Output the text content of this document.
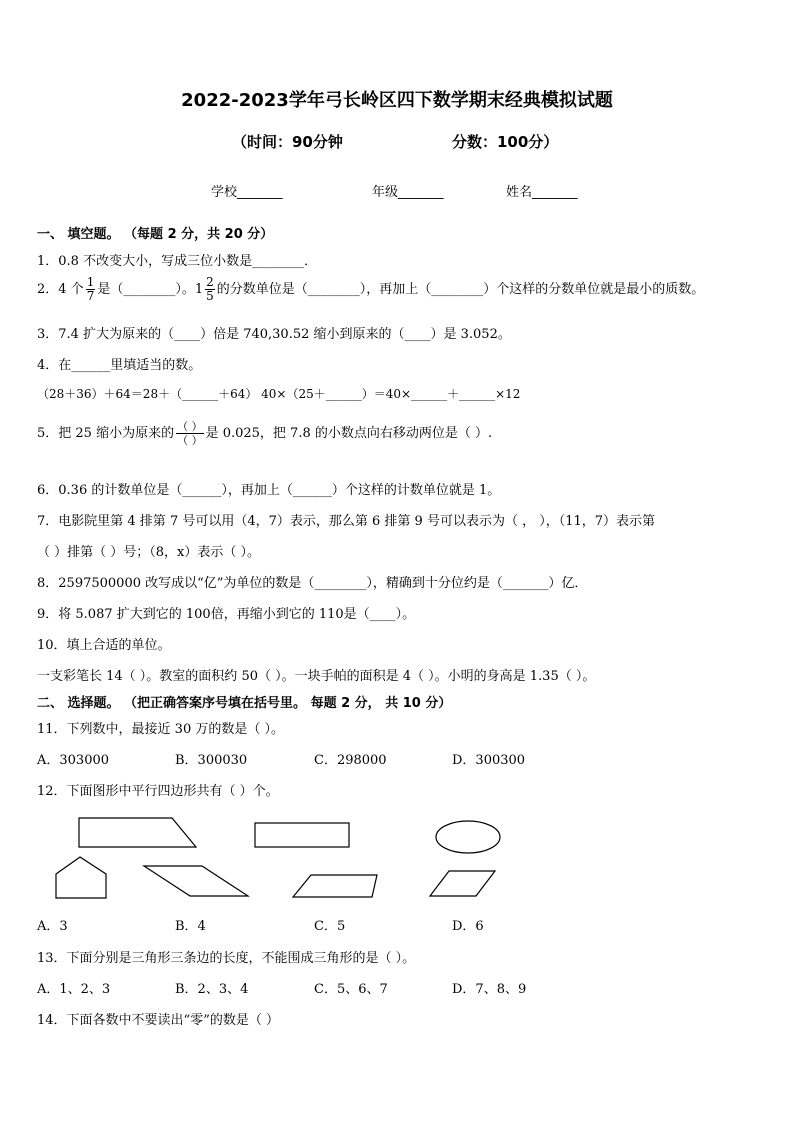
2022-2023学年弓长岭区四下数学期末经典模拟试题
（时间：90分钟	分数：100分）
学校_______	年级_______	姓名_______
一、 填空题。 （每题 2 分，共 20 分）
1．0.8 不改变大小，写成三位小数是________．
2．4 个 $\frac{1}{7}$ 是（________）。$1 \frac{2}{5}$ 的分数单位是（________），再加上（________）个这样的分数单位就是最小的质数。
3．7.4 扩大为原来的（____）倍是 740,30.52 缩小到原来的（____）是 3.052。
4．在______里填适当的数。
（28＋36）＋64＝28＋（______＋64） 40×（25＋______）＝40×______＋______×12
5．把 25 缩小为原来的 $\frac{( )}{( )}$ 是 0.025，把 7.8 的小数点向右移动两位是（ ）.
6．0.36 的计数单位是（______），再加上（______）个这样的计数单位就是 1。
7．电影院里第 4 排第 7 号可以用（4，7）表示，那么第 6 排第 9 号可以表示为（ ， ），（11，7）表示第
（ ）排第（ ）号；（8，x）表示（ ）。
8．2597500000 改写成以“亿”为单位的数是（________），精确到十分位约是（_______）亿．
9．将 5.087 扩大到它的 100倍，再缩小到它的 110是（____）。
10．填上合适的单位。
一支彩笔长 14（ ）。教室的面积约 50（ ）。一块手帕的面积是 4（ ）。小明的身高是 1.35（ ）。
二、 选择题。 （把正确答案序号填在括号里。 每题 2 分， 共 10 分）
11．下列数中，最接近 30 万的数是（ ）。
A．303000	B．300030	C．298000	D．300300
12．下面图形中平行四边形共有（ ）个。
A．3	B．4	C．5	D．6
13．下面分别是三角形三条边的长度，不能围成三角形的是（ ）。
A．1、2、3	B．2、3、4	C．5、6、7	D．7、8、9
14．下面各数中不要读出“零”的数是（ ）
